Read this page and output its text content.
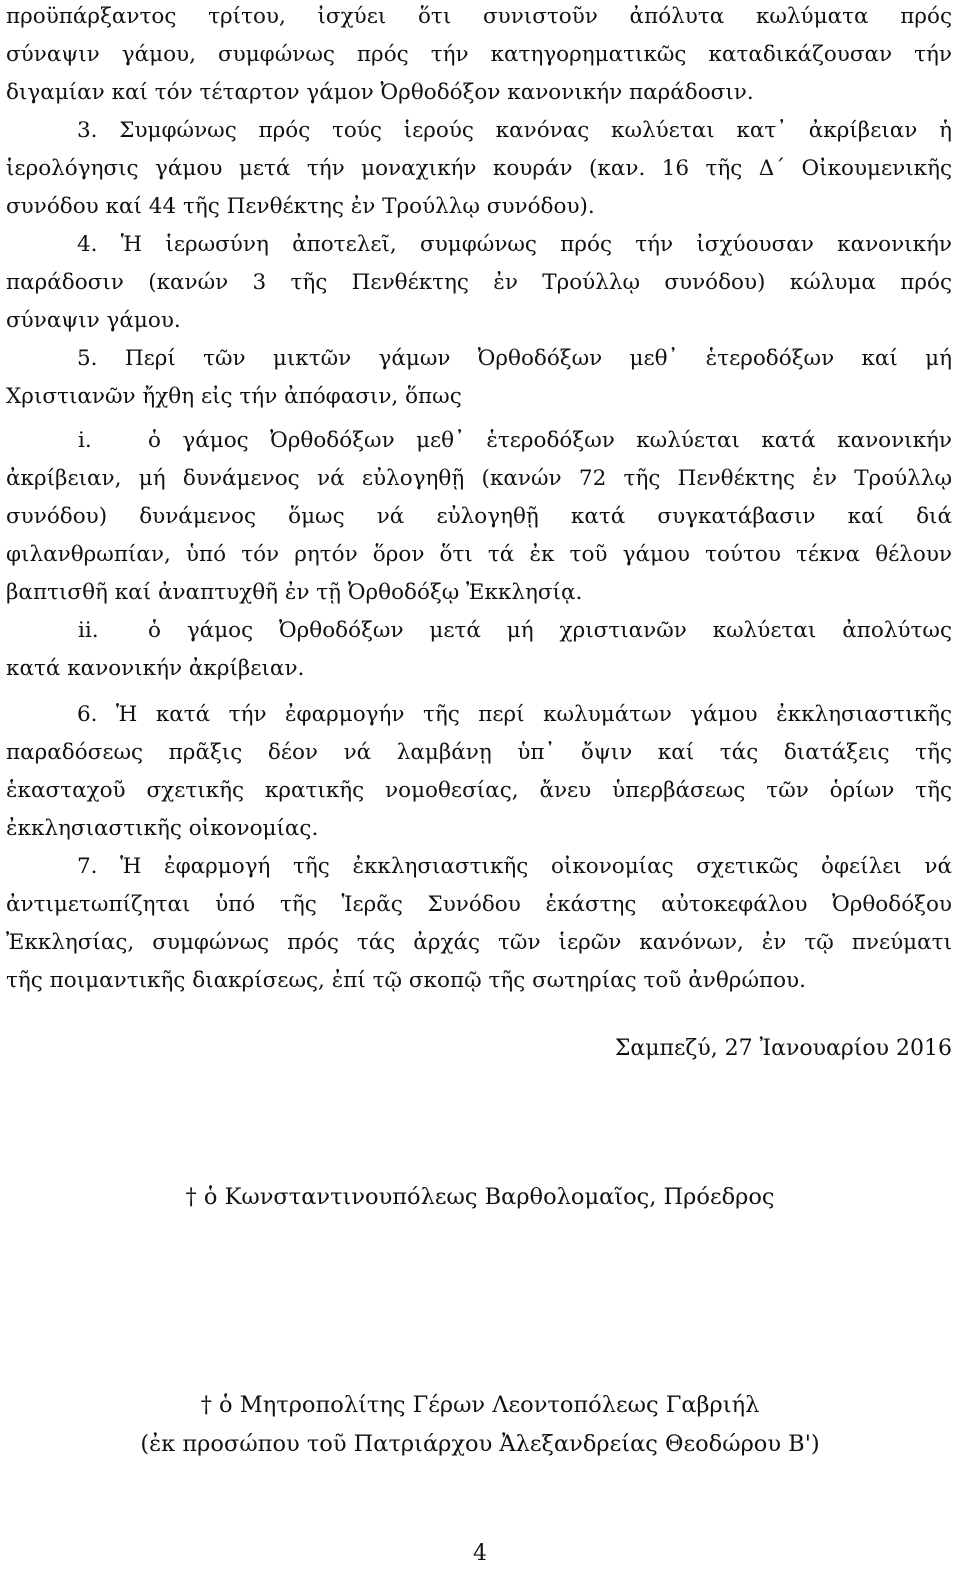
προϋπάρξαντος τρίτου, ἰσχύει ὅτι συνιστοῦν ἀπόλυτα κωλύματα πρός
σύναψιν γάμου, συμφώνως πρός τήν κατηγορηματικῶς καταδικάζουσαν τήν
διγαμίαν καί τόν τέταρτον γάμον Ὀρθοδόξον κανονικήν παράδοσιν.
3. Συμφώνως πρός τούς ἱερούς κανόνας κωλύεται κατ᾽ ἀκρίβειαν ἡ
ἱερολόγησις γάμου μετά τήν μοναχικήν κουράν (καν. 16 τῆς Δ´ Οἰκουμενικῆς
συνόδου καί 44 τῆς Πενθέκτης ἐν Τρούλλῳ συνόδου).
4. Ἡ ἱερωσύνη ἀποτελεῖ, συμφώνως πρός τήν ἰσχύουσαν κανονικήν
παράδοσιν (κανών 3 τῆς Πενθέκτης ἐν Τρούλλῳ συνόδου) κώλυμα πρός
σύναψιν γάμου.
5. Περί τῶν μικτῶν γάμων Ὀρθοδόξων μεθ᾽ ἑτεροδόξων καί μή
Χριστιανῶν ἤχθη εἰς τήν ἀπόφασιν, ὅπως
i.	ὁ γάμος Ὀρθοδόξων μεθ᾽ ἑτεροδόξων κωλύεται κατά κανονικήν
ἀκρίβειαν, μή δυνάμενος νά εὐλογηθῇ (κανών 72 τῆς Πενθέκτης ἐν Τρούλλῳ
συνόδου) δυνάμενος ὅμως νά εὐλογηθῇ κατά συγκατάβασιν καί διά
φιλανθρωπίαν, ὑπό τόν ρητόν ὅρον ὅτι τά ἐκ τοῦ γάμου τούτου τέκνα θέλουν
βαπτισθῆ καί ἀναπτυχθῆ ἐν τῇ Ὀρθοδόξῳ Ἐκκλησίᾳ.
ii.	ὁ γάμος Ὀρθοδόξων μετά μή χριστιανῶν κωλύεται ἀπολύτως
κατά κανονικήν ἀκρίβειαν.
6. Ἡ κατά τήν ἐφαρμογήν τῆς περί κωλυμάτων γάμου ἐκκλησιαστικῆς
παραδόσεως πρᾶξις δέον νά λαμβάνῃ ὑπ᾽ ὄψιν καί τάς διατάξεις τῆς
ἑκασταχοῦ σχετικῆς κρατικῆς νομοθεσίας, ἄνευ ὑπερβάσεως τῶν ὁρίων τῆς
ἐκκλησιαστικῆς οἰκονομίας.
7. Ἡ ἐφαρμογή τῆς ἐκκλησιαστικῆς οἰκονομίας σχετικῶς ὀφείλει νά
ἀντιμετωπίζηται ὑπό τῆς Ἱερᾶς Συνόδου ἑκάστης αὐτοκεφάλου Ὀρθοδόξου
Ἐκκλησίας, συμφώνως πρός τάς ἀρχάς τῶν ἱερῶν κανόνων, ἐν τῷ πνεύματι
τῆς ποιμαντικῆς διακρίσεως, ἐπί τῷ σκοπῷ τῆς σωτηρίας τοῦ ἀνθρώπου.
Σαμπεζύ, 27 Ἰανουαρίου 2016
† ὁ Κωνσταντινουπόλεως Βαρθολομαῖος, Πρόεδρος
† ὁ Μητροπολίτης Γέρων Λεοντοπόλεως Γαβριήλ
(ἐκ προσώπου τοῦ Πατριάρχου Ἀλεξανδρείας Θεοδώρου Β')
4
